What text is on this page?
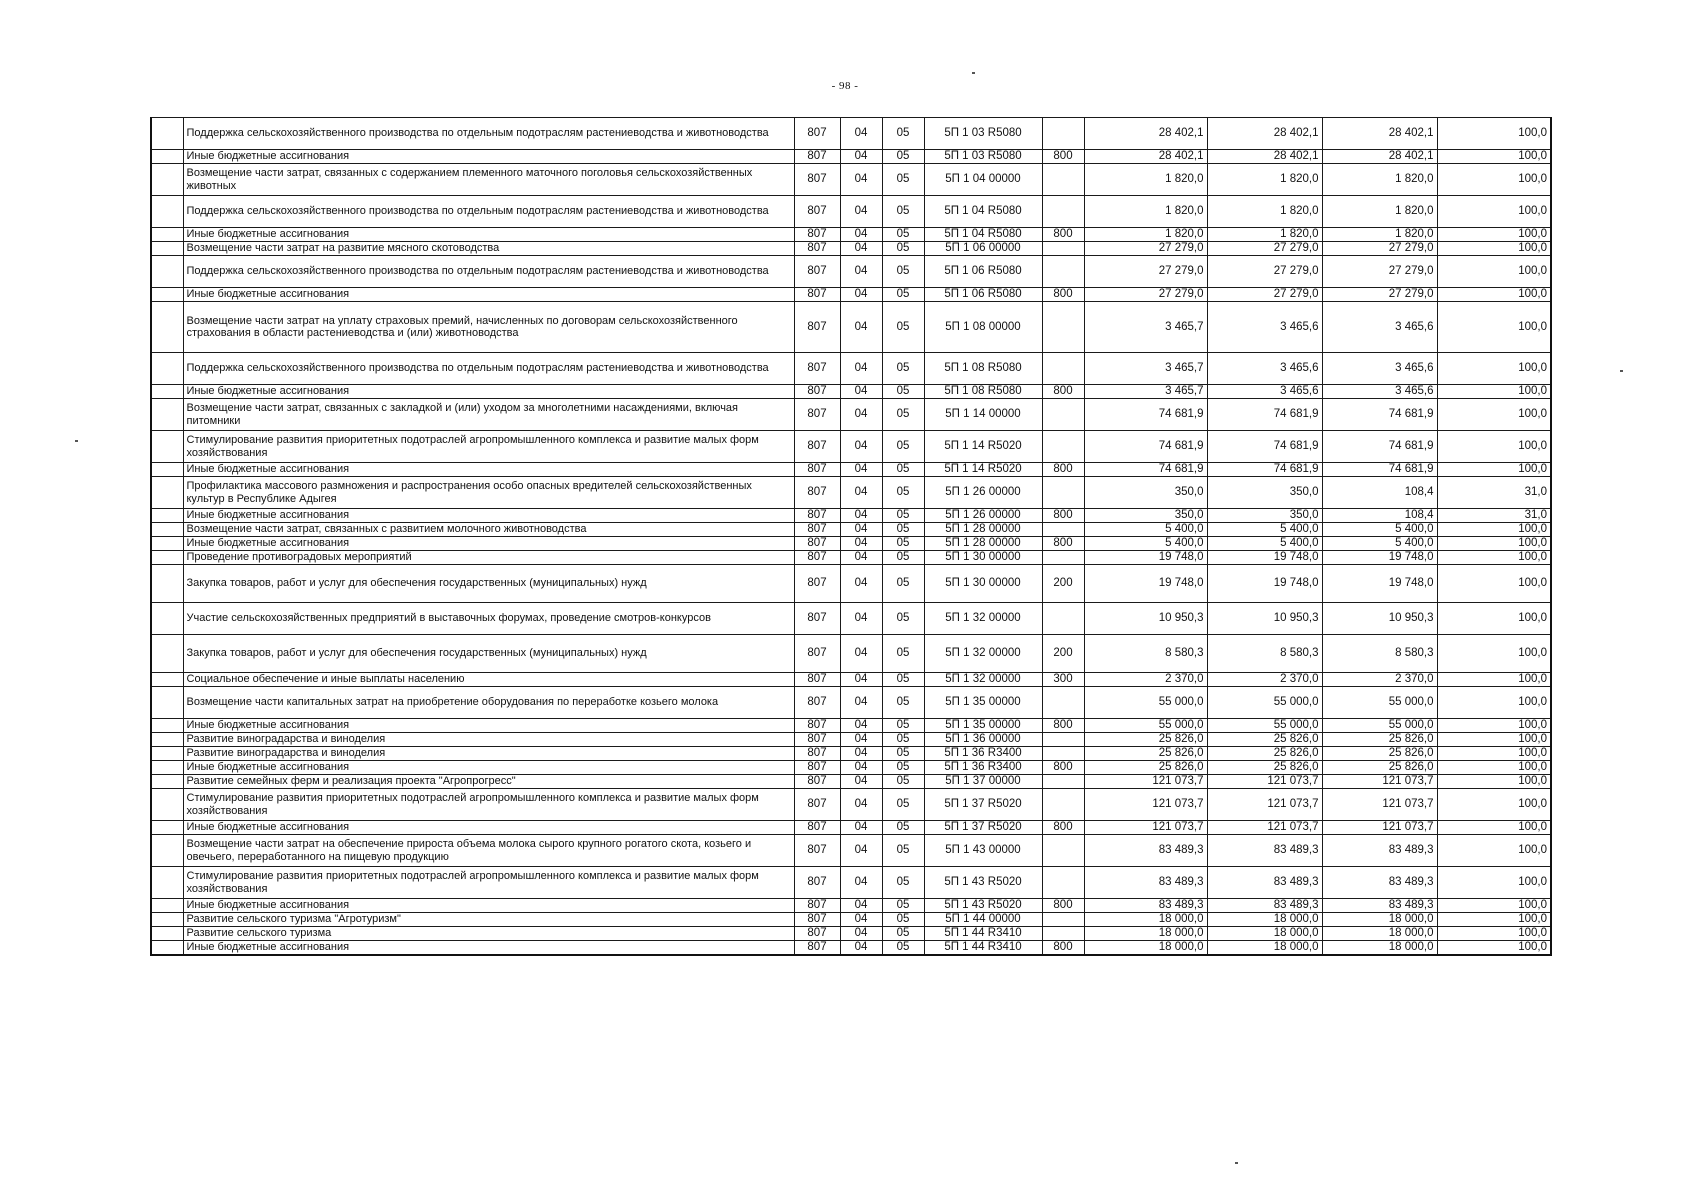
- 98 -
	Поддержка сельскохозяйственного производства по отдельным подотраслям растениеводства и животноводства	807	04	05	5П 1 03 R5080		28 402,1	28 402,1	28 402,1	100,0
	Иные бюджетные ассигнования	807	04	05	5П 1 03 R5080	800	28 402,1	28 402,1	28 402,1	100,0
	Возмещение части затрат, связанных с содержанием племенного маточного поголовья сельскохозяйственных животных	807	04	05	5П 1 04 00000		1 820,0	1 820,0	1 820,0	100,0
	Поддержка сельскохозяйственного производства по отдельным подотраслям растениеводства и животноводства	807	04	05	5П 1 04 R5080		1 820,0	1 820,0	1 820,0	100,0
	Иные бюджетные ассигнования	807	04	05	5П 1 04 R5080	800	1 820,0	1 820,0	1 820,0	100,0
	Возмещение части затрат на развитие мясного скотоводства	807	04	05	5П 1 06 00000		27 279,0	27 279,0	27 279,0	100,0
	Поддержка сельскохозяйственного производства по отдельным подотраслям растениеводства и животноводства	807	04	05	5П 1 06 R5080		27 279,0	27 279,0	27 279,0	100,0
	Иные бюджетные ассигнования	807	04	05	5П 1 06 R5080	800	27 279,0	27 279,0	27 279,0	100,0
	Возмещение части затрат на уплату страховых премий, начисленных по договорам сельскохозяйственного страхования в области растениеводства и (или) животноводства	807	04	05	5П 1 08 00000		3 465,7	3 465,6	3 465,6	100,0
	Поддержка сельскохозяйственного производства по отдельным подотраслям растениеводства и животноводства	807	04	05	5П 1 08 R5080		3 465,7	3 465,6	3 465,6	100,0
	Иные бюджетные ассигнования	807	04	05	5П 1 08 R5080	800	3 465,7	3 465,6	3 465,6	100,0
	Возмещение части затрат, связанных с закладкой и (или) уходом за многолетними насаждениями, включая питомники	807	04	05	5П 1 14 00000		74 681,9	74 681,9	74 681,9	100,0
	Стимулирование развития приоритетных подотраслей агропромышленного комплекса и развитие малых форм хозяйствования	807	04	05	5П 1 14 R5020		74 681,9	74 681,9	74 681,9	100,0
	Иные бюджетные ассигнования	807	04	05	5П 1 14 R5020	800	74 681,9	74 681,9	74 681,9	100,0
	Профилактика массового размножения и распространения особо опасных вредителей сельскохозяйственных культур в Республике Адыгея	807	04	05	5П 1 26 00000		350,0	350,0	108,4	31,0
	Иные бюджетные ассигнования	807	04	05	5П 1 26 00000	800	350,0	350,0	108,4	31,0
	Возмещение части затрат, связанных с развитием молочного животноводства	807	04	05	5П 1 28 00000		5 400,0	5 400,0	5 400,0	100,0
	Иные бюджетные ассигнования	807	04	05	5П 1 28 00000	800	5 400,0	5 400,0	5 400,0	100,0
	Проведение противоградовых мероприятий	807	04	05	5П 1 30 00000		19 748,0	19 748,0	19 748,0	100,0
	Закупка товаров, работ и услуг для обеспечения государственных (муниципальных) нужд	807	04	05	5П 1 30 00000	200	19 748,0	19 748,0	19 748,0	100,0
	Участие сельскохозяйственных предприятий в выставочных форумах, проведение смотров-конкурсов	807	04	05	5П 1 32 00000		10 950,3	10 950,3	10 950,3	100,0
	Закупка товаров, работ и услуг для обеспечения государственных (муниципальных) нужд	807	04	05	5П 1 32 00000	200	8 580,3	8 580,3	8 580,3	100,0
	Социальное обеспечение и иные выплаты населению	807	04	05	5П 1 32 00000	300	2 370,0	2 370,0	2 370,0	100,0
	Возмещение части капитальных затрат на приобретение оборудования по переработке козьего молока	807	04	05	5П 1 35 00000		55 000,0	55 000,0	55 000,0	100,0
	Иные бюджетные ассигнования	807	04	05	5П 1 35 00000	800	55 000,0	55 000,0	55 000,0	100,0
	Развитие виноградарства и виноделия	807	04	05	5П 1 36 00000		25 826,0	25 826,0	25 826,0	100,0
	Развитие виноградарства и виноделия	807	04	05	5П 1 36 R3400		25 826,0	25 826,0	25 826,0	100,0
	Иные бюджетные ассигнования	807	04	05	5П 1 36 R3400	800	25 826,0	25 826,0	25 826,0	100,0
	Развитие семейных ферм и реализация проекта "Агропрогресс"	807	04	05	5П 1 37 00000		121 073,7	121 073,7	121 073,7	100,0
	Стимулирование развития приоритетных подотраслей агропромышленного комплекса и развитие малых форм хозяйствования	807	04	05	5П 1 37 R5020		121 073,7	121 073,7	121 073,7	100,0
	Иные бюджетные ассигнования	807	04	05	5П 1 37 R5020	800	121 073,7	121 073,7	121 073,7	100,0
	Возмещение части затрат на обеспечение прироста объема молока сырого крупного рогатого скота, козьего и овечьего, переработанного на пищевую продукцию	807	04	05	5П 1 43 00000		83 489,3	83 489,3	83 489,3	100,0
	Стимулирование развития приоритетных подотраслей агропромышленного комплекса и развитие малых форм хозяйствования	807	04	05	5П 1 43 R5020		83 489,3	83 489,3	83 489,3	100,0
	Иные бюджетные ассигнования	807	04	05	5П 1 43 R5020	800	83 489,3	83 489,3	83 489,3	100,0
	Развитие сельского туризма "Агротуризм"	807	04	05	5П 1 44 00000		18 000,0	18 000,0	18 000,0	100,0
	Развитие сельского туризма	807	04	05	5П 1 44 R3410		18 000,0	18 000,0	18 000,0	100,0
	Иные бюджетные ассигнования	807	04	05	5П 1 44 R3410	800	18 000,0	18 000,0	18 000,0	100,0
